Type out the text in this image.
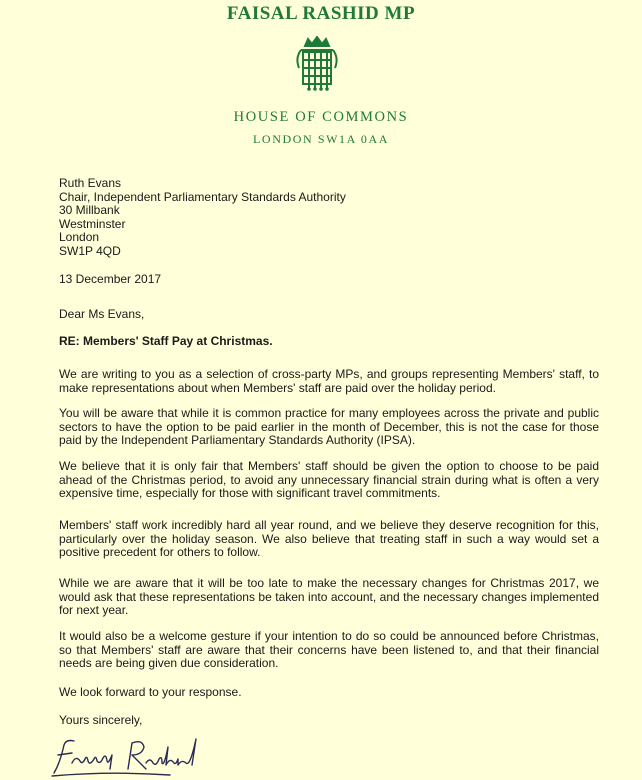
FAISAL RASHID MP
HOUSE OF COMMONS
LONDON SW1A 0AA
Ruth Evans
Chair, Independent Parliamentary Standards Authority
30 Millbank
Westminster
London
SW1P 4QD
13 December 2017
Dear Ms Evans,
RE: Members' Staff Pay at Christmas.
We are writing to you as a selection of cross-party MPs, and groups representing Members' staff, to make representations about when Members' staff are paid over the holiday period.
You will be aware that while it is common practice for many employees across the private and public sectors to have the option to be paid earlier in the month of December, this is not the case for those paid by the Independent Parliamentary Standards Authority (IPSA).
We believe that it is only fair that Members' staff should be given the option to choose to be paid ahead of the Christmas period, to avoid any unnecessary financial strain during what is often a very expensive time, especially for those with significant travel commitments.
Members' staff work incredibly hard all year round, and we believe they deserve recognition for this, particularly over the holiday season. We also believe that treating staff in such a way would set a positive precedent for others to follow.
While we are aware that it will be too late to make the necessary changes for Christmas 2017, we would ask that these representations be taken into account, and the necessary changes implemented for next year.
It would also be a welcome gesture if your intention to do so could be announced before Christmas, so that Members' staff are aware that their concerns have been listened to, and that their financial needs are being given due consideration.
We look forward to your response.
Yours sincerely,
